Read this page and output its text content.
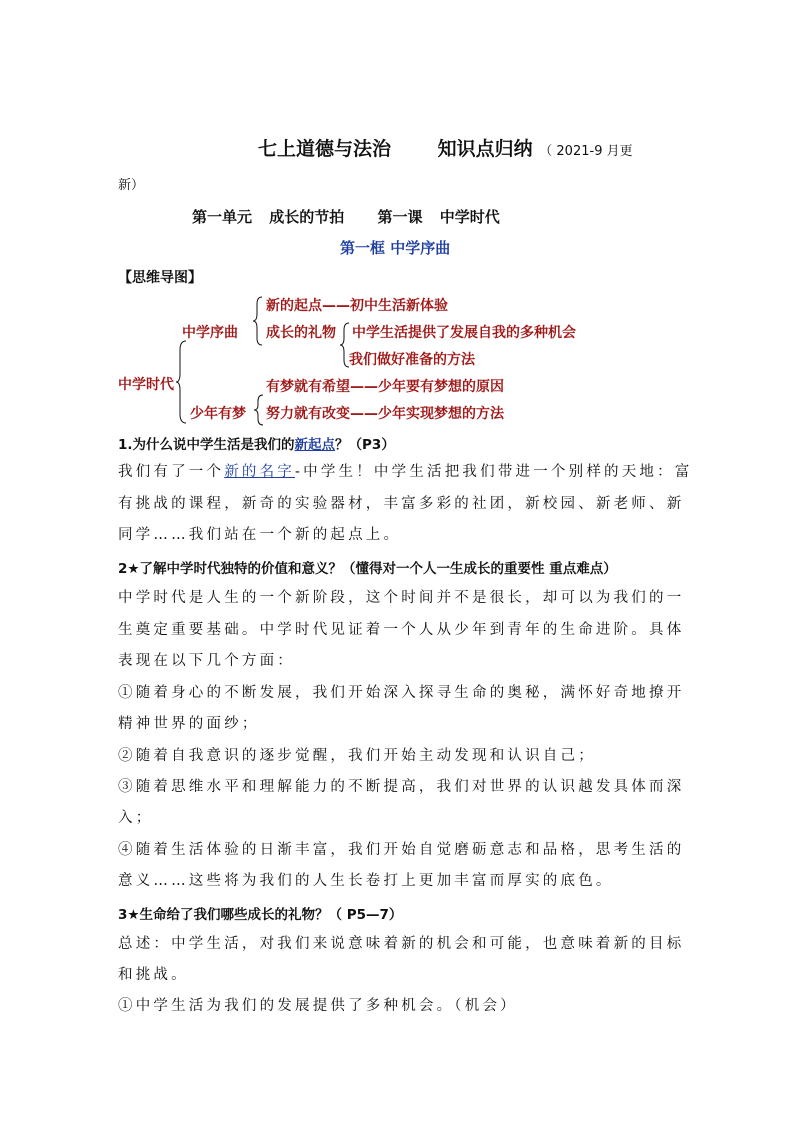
七上道德与法治 知识点归纳 （ 2021-9 月更
新）
第一单元 成长的节拍 第一课 中学时代
第一框 中学序曲
【思维导图】
中学时代
中学序曲
少年有梦
新的起点——初中生活新体验
成长的礼物 中学生活提供了发展自我的多种机会
我们做好准备的方法
有梦就有希望——少年要有梦想的原因
努力就有改变——少年实现梦想的方法
1.为什么说中学生活是我们的新起点？（P3）
我们有了一个新的名字-中学生！中学生活把我们带进一个别样的天地：富
有挑战的课程，新奇的实验器材，丰富多彩的社团，新校园、新老师、新
同学……我们站在一个新的起点上。
2★了解中学时代独特的价值和意义？（懂得对一个人一生成长的重要性 重点难点）
中学时代是人生的一个新阶段，这个时间并不是很长，却可以为我们的一
生奠定重要基础。中学时代见证着一个人从少年到青年的生命进阶。具体
表现在以下几个方面：
①随着身心的不断发展，我们开始深入探寻生命的奥秘，满怀好奇地撩开
精神世界的面纱；
②随着自我意识的逐步觉醒，我们开始主动发现和认识自己；
③随着思维水平和理解能力的不断提高，我们对世界的认识越发具体而深
入；
④随着生活体验的日渐丰富，我们开始自觉磨砺意志和品格，思考生活的
意义……这些将为我们的人生长卷打上更加丰富而厚实的底色。
3★生命给了我们哪些成长的礼物？（ P5—7）
总述：中学生活，对我们来说意味着新的机会和可能，也意味着新的目标
和挑战。
①中学生活为我们的发展提供了多种机会。（机会）
